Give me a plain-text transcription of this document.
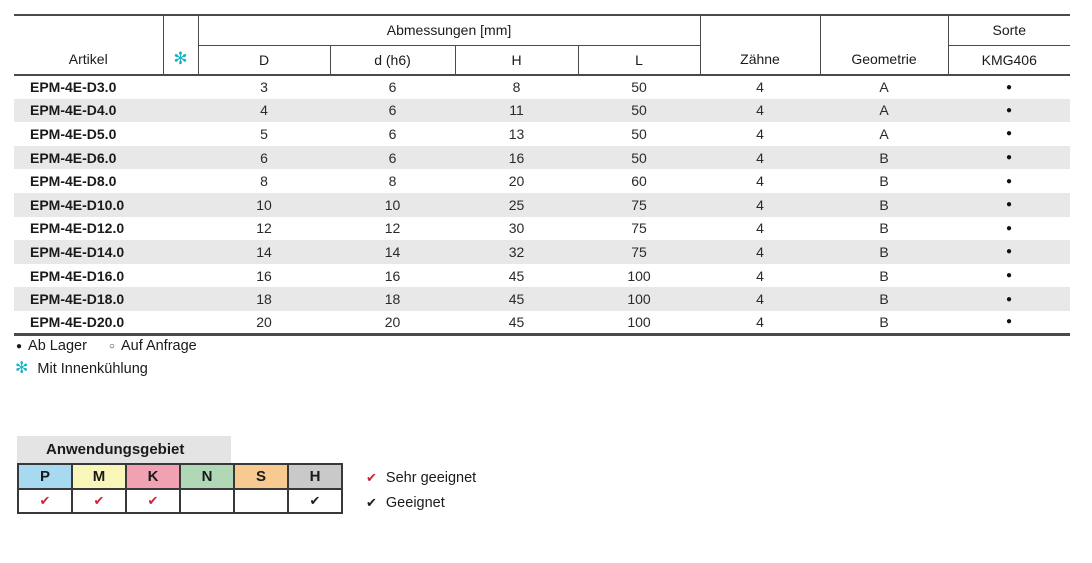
Artikel	✻	Abmessungen [mm]				Zähne	Geometrie	Sorte
		D	d (h6)	H	L			KMG406
EPM-4E-D3.0		3	6	8	50	4	A	●
EPM-4E-D4.0		4	6	11	50	4	A	●
EPM-4E-D5.0		5	6	13	50	4	A	●
EPM-4E-D6.0		6	6	16	50	4	B	●
EPM-4E-D8.0		8	8	20	60	4	B	●
EPM-4E-D10.0		10	10	25	75	4	B	●
EPM-4E-D12.0		12	12	30	75	4	B	●
EPM-4E-D14.0		14	14	32	75	4	B	●
EPM-4E-D16.0		16	16	45	100	4	B	●
EPM-4E-D18.0		18	18	45	100	4	B	●
EPM-4E-D20.0		20	20	45	100	4	B	●
● Ab Lager ○ Auf Anfrage
✻ Mit Innenkühlung
Anwendungsgebiet
P	M	K	N	S	H
✔	✔	✔			✔
✔ Sehr geeignet
✔ Geeignet
